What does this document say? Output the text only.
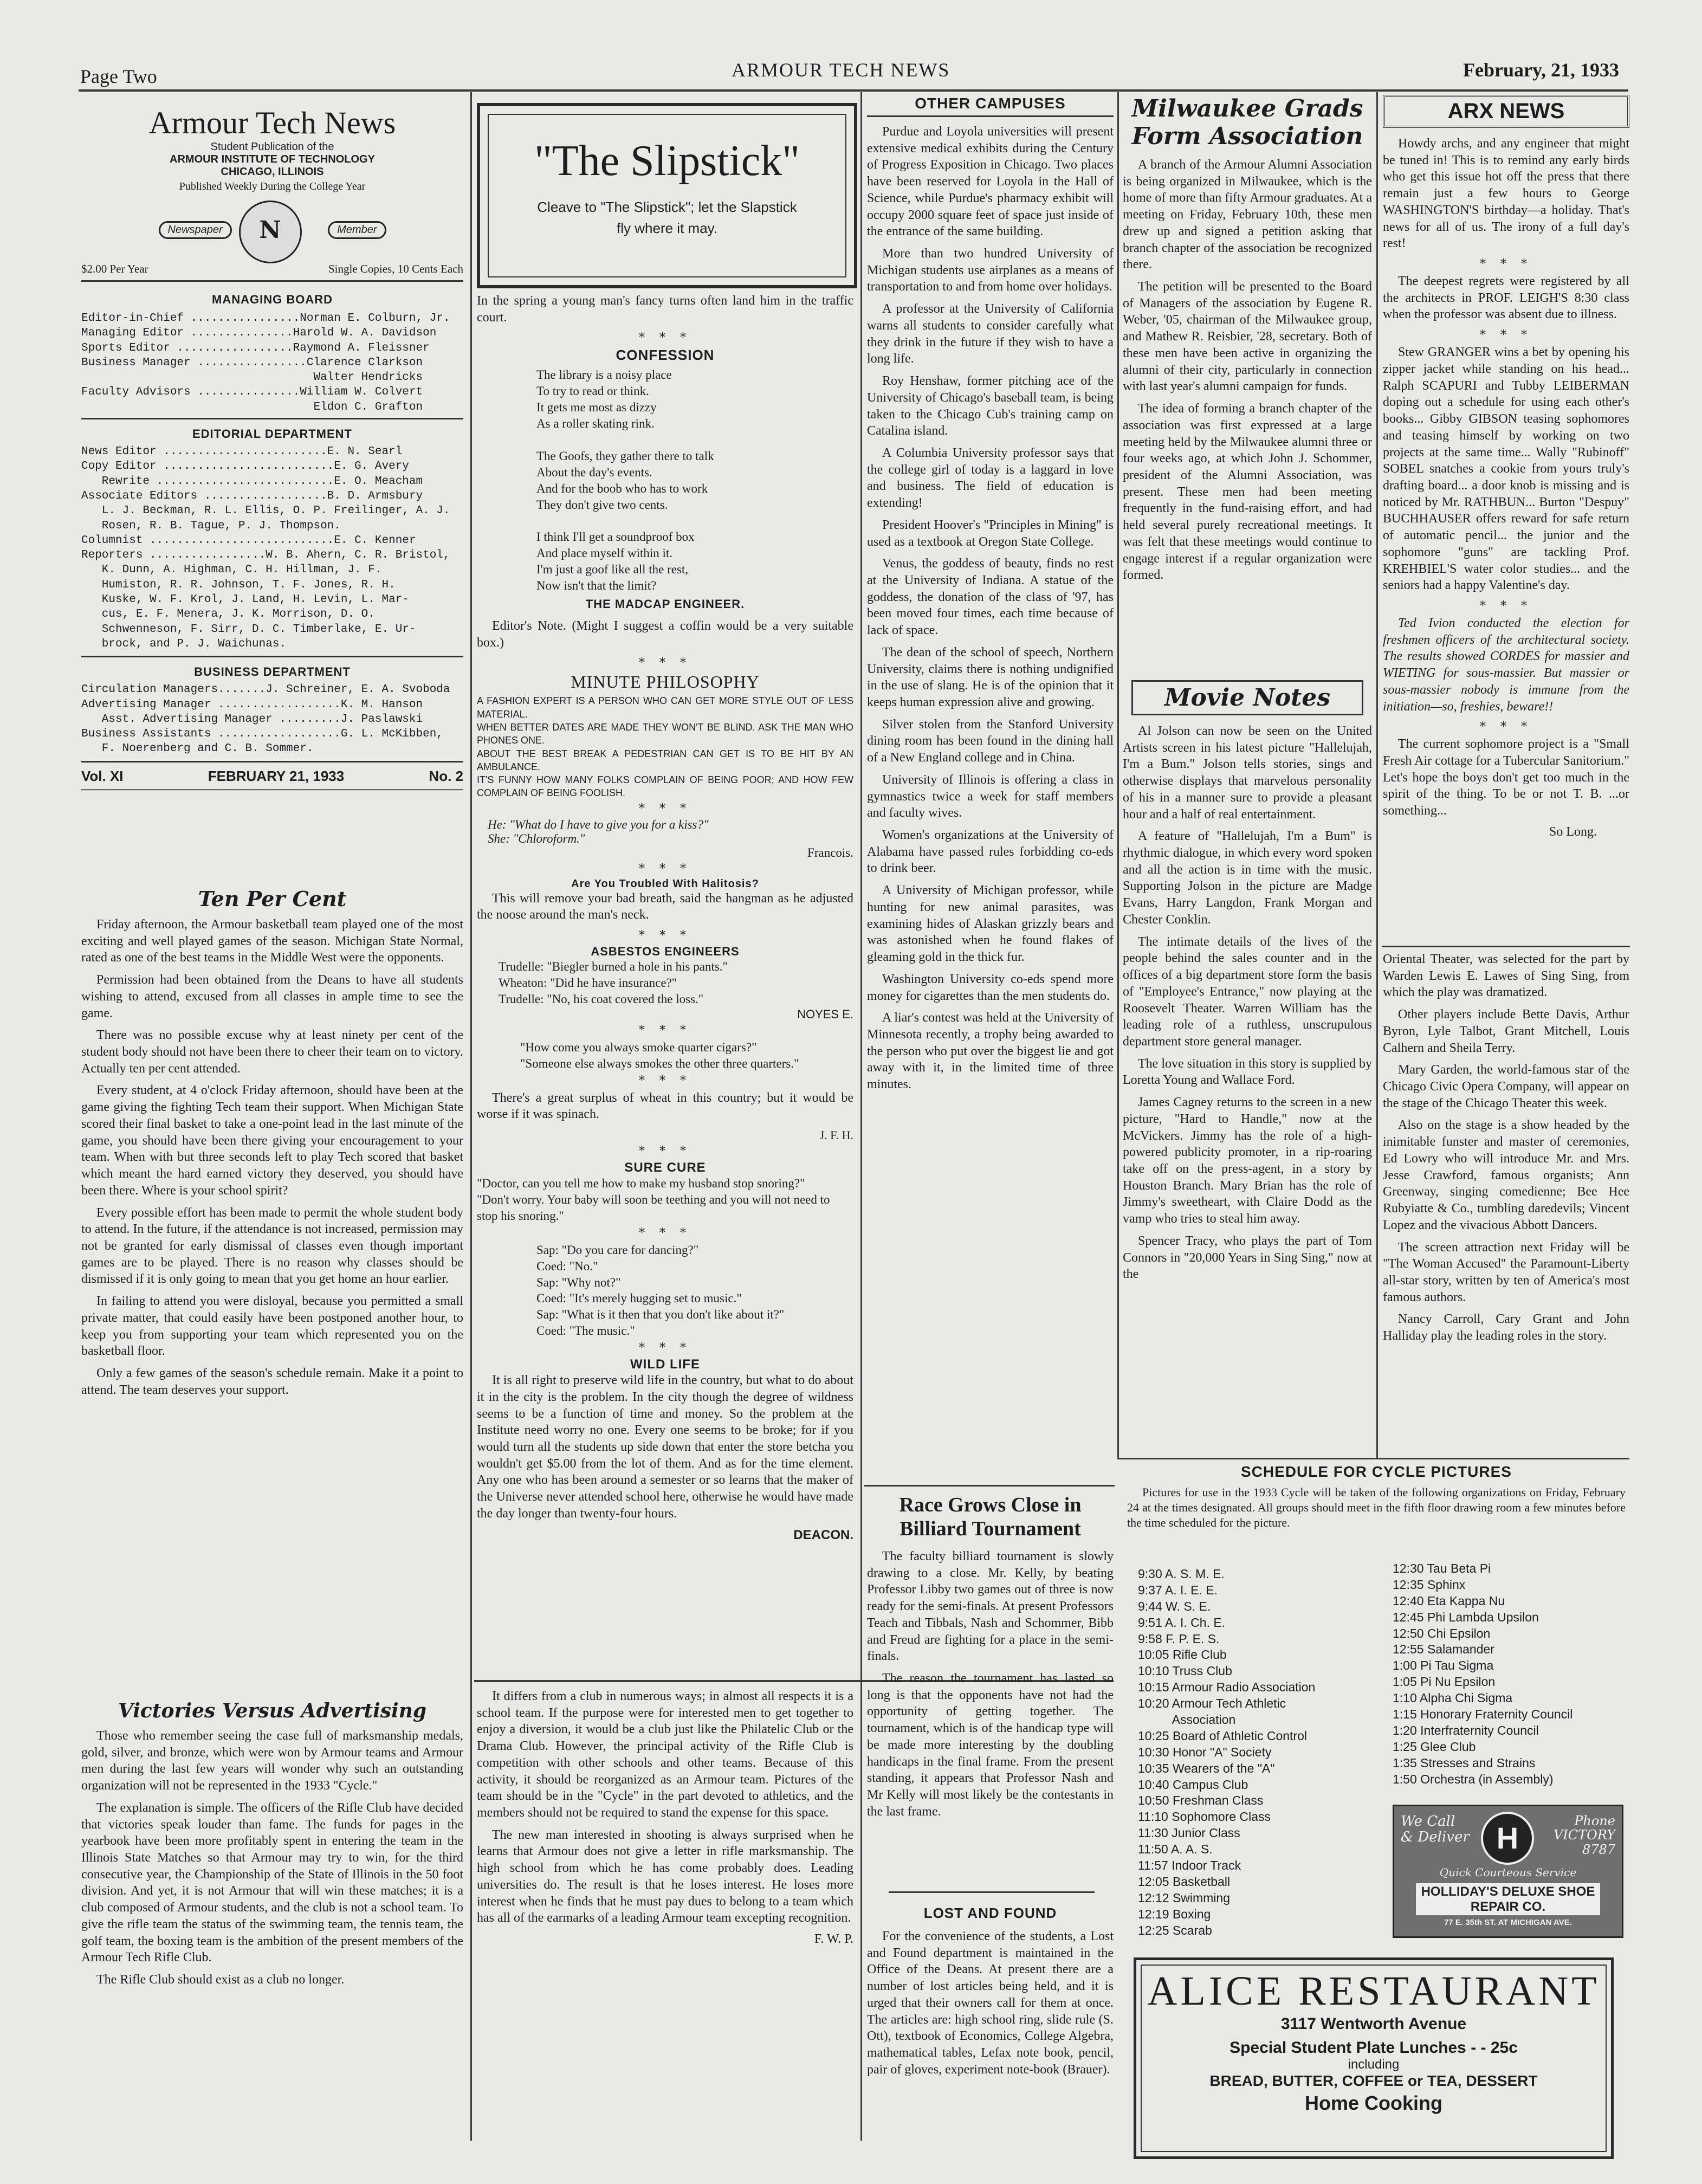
Page Two	ARMOUR TECH NEWS	February, 21, 1933
Armour Tech News
Student Publication of the
ARMOUR INSTITUTE OF TECHNOLOGY
CHICAGO, ILLINOIS
Published Weekly During the College Year
Newspaper	N	Member
$2.00 Per Year	Single Copies, 10 Cents Each
MANAGING BOARD
Editor-in-Chief ................Norman E. Colburn, Jr.
Managing Editor ...............Harold W. A. Davidson
Sports Editor .................Raymond A. Fleissner
Business Manager ................Clarence Clarkson
Walter Hendricks
Faculty Advisors ...............William W. Colvert
Eldon C. Grafton
EDITORIAL DEPARTMENT
News Editor ........................E. N. Searl
Copy Editor .........................E. G. Avery
Rewrite ..........................E. O. Meacham
Associate Editors ..................B. D. Armsbury
L. J. Beckman, R. L. Ellis, O. P. Freilinger, A. J.
Rosen, R. B. Tague, P. J. Thompson.
Columnist ...........................E. C. Kenner
Reporters .................W. B. Ahern, C. R. Bristol,
K. Dunn, A. Highman, C. H. Hillman, J. F.
Humiston, R. R. Johnson, T. F. Jones, R. H.
Kuske, W. F. Krol, J. Land, H. Levin, L. Mar-
cus, E. F. Menera, J. K. Morrison, D. O.
Schwenneson, F. Sirr, D. C. Timberlake, E. Ur-
brock, and P. J. Waichunas.
BUSINESS DEPARTMENT
Circulation Managers.......J. Schreiner, E. A. Svoboda
Advertising Manager ..................K. M. Hanson
Asst. Advertising Manager .........J. Paslawski
Business Assistants ..................G. L. McKibben,
F. Noerenberg and C. B. Sommer.
Vol. XI	FEBRUARY 21, 1933	No. 2
Ten Per Cent

Friday afternoon, the Armour basketball team played one of the most exciting and well played games of the season. Michigan State Normal, rated as one of the best teams in the Middle West were the opponents.

Permission had been obtained from the Deans to have all students wishing to attend, excused from all classes in ample time to see the game.

There was no possible excuse why at least ninety per cent of the student body should not have been there to cheer their team on to victory. Actually ten per cent attended.

Every student, at 4 o'clock Friday afternoon, should have been at the game giving the fighting Tech team their support. When Michigan State scored their final basket to take a one-point lead in the last minute of the game, you should have been there giving your encouragement to your team. When with but three seconds left to play Tech scored that basket which meant the hard earned victory they deserved, you should have been there. Where is your school spirit?

Every possible effort has been made to permit the whole student body to attend. In the future, if the attendance is not increased, permission may not be granted for early dismissal of classes even though important games are to be played. There is no reason why classes should be dismissed if it is only going to mean that you get home an hour earlier.

In failing to attend you were disloyal, because you permitted a small private matter, that could easily have been postponed another hour, to keep you from supporting your team which represented you on the basketball floor.

Only a few games of the season's schedule remain. Make it a point to attend. The team deserves your support.

Victories Versus Advertising

Those who remember seeing the case full of marksmanship medals, gold, silver, and bronze, which were won by Armour teams and Armour men during the last few years will wonder why such an outstanding organization will not be represented in the 1933 "Cycle."

The explanation is simple. The officers of the Rifle Club have decided that victories speak louder than fame. The funds for pages in the yearbook have been more profitably spent in entering the team in the Illinois State Matches so that Armour may try to win, for the third consecutive year, the Championship of the State of Illinois in the 50 foot division. And yet, it is not Armour that will win these matches; it is a club composed of Armour students, and the club is not a school team. To give the rifle team the status of the swimming team, the tennis team, the golf team, the boxing team is the ambition of the present members of the Armour Tech Rifle Club.

The Rifle Club should exist as a club no longer.

"The Slipstick"
Cleave to "The Slipstick"; let the Slapstick fly where it may.

In the spring a young man's fancy turns often land him in the traffic court.

* * *
CONFESSION
The library is a noisy place
To try to read or think.
It gets me most as dizzy
As a roller skating rink.

The Goofs, they gather there to talk
About the day's events.
And for the boob who has to work
They don't give two cents.

I think I'll get a soundproof box
And place myself within it.
I'm just a goof like all the rest,
Now isn't that the limit?
THE MADCAP ENGINEER.

Editor's Note. (Might I suggest a coffin would be a very suitable box.)

* * *
MINUTE PHILOSOPHY
A FASHION EXPERT IS A PERSON WHO CAN GET MORE STYLE OUT OF LESS MATERIAL.
WHEN BETTER DATES ARE MADE THEY WON'T BE BLIND. ASK THE MAN WHO PHONES ONE.
ABOUT THE BEST BREAK A PEDESTRIAN CAN GET IS TO BE HIT BY AN AMBULANCE.
IT'S FUNNY HOW MANY FOLKS COMPLAIN OF BEING POOR; AND HOW FEW COMPLAIN OF BEING FOOLISH.
* * *
He: "What do I have to give you for a kiss?"
She: "Chloroform."
Francois.
* * *
Are You Troubled With Halitosis?

This will remove your bad breath, said the hangman as he adjusted the noose around the man's neck.

* * *
ASBESTOS ENGINEERS
Trudelle: "Biegler burned a hole in his pants."
Wheaton: "Did he have insurance?"
Trudelle: "No, his coat covered the loss."
NOYES E.
* * *
"How come you always smoke quarter cigars?"
"Someone else always smokes the other three quarters."
* * *

There's a great surplus of wheat in this country; but it would be worse if it was spinach.

J. F. H.
* * *
SURE CURE
"Doctor, can you tell me how to make my husband stop snoring?"
"Don't worry. Your baby will soon be teething and you will not need to stop his snoring."
* * *
Sap: "Do you care for dancing?"
Coed: "No."
Sap: "Why not?"
Coed: "It's merely hugging set to music."
Sap: "What is it then that you don't like about it?"
Coed: "The music."
* * *
WILD LIFE

It is all right to preserve wild life in the country, but what to do about it in the city is the problem. In the city though the degree of wildness seems to be a function of time and money. So the problem at the Institute need worry no one. Every one seems to be broke; for if you would turn all the students up side down that enter the store betcha you wouldn't get $5.00 from the lot of them. And as for the time element. Any one who has been around a semester or so learns that the maker of the Universe never attended school here, otherwise he would have made the day longer than twenty-four hours.

DEACON.

It differs from a club in numerous ways; in almost all respects it is a school team. If the purpose were for interested men to get together to enjoy a diversion, it would be a club just like the Philatelic Club or the Drama Club. However, the principal activity of the Rifle Club is competition with other schools and other teams. Because of this activity, it should be reorganized as an Armour team. Pictures of the team should be in the "Cycle" in the part devoted to athletics, and the members should not be required to stand the expense for this space.

The new man interested in shooting is always surprised when he learns that Armour does not give a letter in rifle marksmanship. The high school from which he has come probably does. Leading universities do. The result is that he loses interest. He loses more interest when he finds that he must pay dues to belong to a team which has all of the earmarks of a leading Armour team excepting recognition.

F. W. P.
OTHER CAMPUSES

Purdue and Loyola universities will present extensive medical exhibits during the Century of Progress Exposition in Chicago. Two places have been reserved for Loyola in the Hall of Science, while Purdue's pharmacy exhibit will occupy 2000 square feet of space just inside of the entrance of the same building.

More than two hundred University of Michigan students use airplanes as a means of transportation to and from home over holidays.

A professor at the University of California warns all students to consider carefully what they drink in the future if they wish to have a long life.

Roy Henshaw, former pitching ace of the University of Chicago's baseball team, is being taken to the Chicago Cub's training camp on Catalina island.

A Columbia University professor says that the college girl of today is a laggard in love and business. The field of education is extending!

President Hoover's "Principles in Mining" is used as a textbook at Oregon State College.

Venus, the goddess of beauty, finds no rest at the University of Indiana. A statue of the goddess, the donation of the class of '97, has been moved four times, each time because of lack of space.

The dean of the school of speech, Northern University, claims there is nothing undignified in the use of slang. He is of the opinion that it keeps human expression alive and growing.

Silver stolen from the Stanford University dining room has been found in the dining hall of a New England college and in China.

University of Illinois is offering a class in gymnastics twice a week for staff members and faculty wives.

Women's organizations at the University of Alabama have passed rules forbidding co-eds to drink beer.

A University of Michigan professor, while hunting for new animal parasites, was examining hides of Alaskan grizzly bears and was astonished when he found flakes of gleaming gold in the thick fur.

Washington University co-eds spend more money for cigarettes than the men students do.

A liar's contest was held at the University of Minnesota recently, a trophy being awarded to the person who put over the biggest lie and got away with it, in the limited time of three minutes.

Race Grows Close in
Billiard Tournament

The faculty billiard tournament is slowly drawing to a close. Mr. Kelly, by beating Professor Libby two games out of three is now ready for the semi-finals. At present Professors Teach and Tibbals, Nash and Schommer, Bibb and Freud are fighting for a place in the semi-finals.

The reason the tournament has lasted so long is that the opponents have not had the opportunity of getting together. The tournament, which is of the handicap type will be made more interesting by the doubling handicaps in the final frame. From the present standing, it appears that Professor Nash and Mr Kelly will most likely be the contestants in the last frame.

LOST AND FOUND

For the convenience of the students, a Lost and Found department is maintained in the Office of the Deans. At present there are a number of lost articles being held, and it is urged that their owners call for them at once. The articles are: high school ring, slide rule (S. Ott), textbook of Economics, College Algebra, mathematical tables, Lefax note book, pencil, pair of gloves, experiment note-book (Brauer).

Milwaukee Grads
Form Association

A branch of the Armour Alumni Association is being organized in Milwaukee, which is the home of more than fifty Armour graduates. At a meeting on Friday, February 10th, these men drew up and signed a petition asking that branch chapter of the association be recognized there.

The petition will be presented to the Board of Managers of the association by Eugene R. Weber, '05, chairman of the Milwaukee group, and Mathew R. Reisbier, '28, secretary. Both of these men have been active in organizing the alumni of their city, particularly in connection with last year's alumni campaign for funds.

The idea of forming a branch chapter of the association was first expressed at a large meeting held by the Milwaukee alumni three or four weeks ago, at which John J. Schommer, president of the Alumni Association, was present. These men had been meeting frequently in the fund-raising effort, and had held several purely recreational meetings. It was felt that these meetings would continue to engage interest if a regular organization were formed.

Movie Notes

Al Jolson can now be seen on the United Artists screen in his latest picture "Hallelujah, I'm a Bum." Jolson tells stories, sings and otherwise displays that marvelous personality of his in a manner sure to provide a pleasant hour and a half of real entertainment.

A feature of "Hallelujah, I'm a Bum" is rhythmic dialogue, in which every word spoken and all the action is in time with the music. Supporting Jolson in the picture are Madge Evans, Harry Langdon, Frank Morgan and Chester Conklin.

The intimate details of the lives of the people behind the sales counter and in the offices of a big department store form the basis of "Employee's Entrance," now playing at the Roosevelt Theater. Warren William has the leading role of a ruthless, unscrupulous department store general manager.

The love situation in this story is supplied by Loretta Young and Wallace Ford.

James Cagney returns to the screen in a new picture, "Hard to Handle," now at the McVickers. Jimmy has the role of a high-powered publicity promoter, in a rip-roaring take off on the press-agent, in a story by Houston Branch. Mary Brian has the role of Jimmy's sweetheart, with Claire Dodd as the vamp who tries to steal him away.

Spencer Tracy, who plays the part of Tom Connors in "20,000 Years in Sing Sing," now at the

ARX NEWS

Howdy archs, and any engineer that might be tuned in! This is to remind any early birds who get this issue hot off the press that there remain just a few hours to George WASHINGTON'S birthday—a holiday. That's news for all of us. The irony of a full day's rest!

* * *

The deepest regrets were registered by all the architects in PROF. LEIGH'S 8:30 class when the professor was absent due to illness.

* * *

Stew GRANGER wins a bet by opening his zipper jacket while standing on his head... Ralph SCAPURI and Tubby LEIBERMAN doping out a schedule for using each other's books... Gibby GIBSON teasing sophomores and teasing himself by working on two projects at the same time... Wally "Rubinoff" SOBEL snatches a cookie from yours truly's drafting board... a door knob is missing and is noticed by Mr. RATHBUN... Burton "Despuy" BUCHHAUSER offers reward for safe return of automatic pencil... the junior and the sophomore "guns" are tackling Prof. KREHBIEL'S water color studies... and the seniors had a happy Valentine's day.

* * *

Ted Ivion conducted the election for freshmen officers of the architectural society. The results showed CORDES for massier and WIETING for sous-massier. But massier or sous-massier nobody is immune from the initiation—so, freshies, beware!!

* * *

The current sophomore project is a "Small Fresh Air cottage for a Tubercular Sanitorium." Let's hope the boys don't get too much in the spirit of the thing. To be or not T. B. ...or something...

So Long.

Oriental Theater, was selected for the part by Warden Lewis E. Lawes of Sing Sing, from which the play was dramatized.

Other players include Bette Davis, Arthur Byron, Lyle Talbot, Grant Mitchell, Louis Calhern and Sheila Terry.

Mary Garden, the world-famous star of the Chicago Civic Opera Company, will appear on the stage of the Chicago Theater this week.

Also on the stage is a show headed by the inimitable funster and master of ceremonies, Ed Lowry who will introduce Mr. and Mrs. Jesse Crawford, famous organists; Ann Greenway, singing comedienne; Bee Hee Rubyiatte & Co., tumbling daredevils; Vincent Lopez and the vivacious Abbott Dancers.

The screen attraction next Friday will be "The Woman Accused" the Paramount-Liberty all-star story, written by ten of America's most famous authors.

Nancy Carroll, Cary Grant and John Halliday play the leading roles in the story.

SCHEDULE FOR CYCLE PICTURES

Pictures for use in the 1933 Cycle will be taken of the following organizations on Friday, February 24 at the times designated. All groups should meet in the fifth floor drawing room a few minutes before the time scheduled for the picture.

9:30 A. S. M. E.
9:37 A. I. E. E.
9:44 W. S. E.
9:51 A. I. Ch. E.
9:58 F. P. E. S.
10:05 Rifle Club
10:10 Truss Club
10:15 Armour Radio Association
10:20 Armour Tech Athletic
Association
10:25 Board of Athletic Control
10:30 Honor "A" Society
10:35 Wearers of the "A"
10:40 Campus Club
10:50 Freshman Class
11:10 Sophomore Class
11:30 Junior Class
11:50 A. A. S.
11:57 Indoor Track
12:05 Basketball
12:12 Swimming
12:19 Boxing
12:25 Scarab
12:30 Tau Beta Pi
12:35 Sphinx
12:40 Eta Kappa Nu
12:45 Phi Lambda Upsilon
12:50 Chi Epsilon
12:55 Salamander
1:00 Pi Tau Sigma
1:05 Pi Nu Epsilon
1:10 Alpha Chi Sigma
1:15 Honorary Fraternity Council
1:20 Interfraternity Council
1:25 Glee Club
1:35 Stresses and Strains
1:50 Orchestra (in Assembly)
We Call & Deliver H	Phone VICTORY 8787
Quick Courteous Service
HOLLIDAY'S DELUXE SHOE REPAIR CO.
77 E. 35th ST. AT MICHIGAN AVE.
ALICE RESTAURANT
3117 Wentworth Avenue
Special Student Plate Lunches - - 25c
including
BREAD, BUTTER, COFFEE or TEA, DESSERT
Home Cooking
